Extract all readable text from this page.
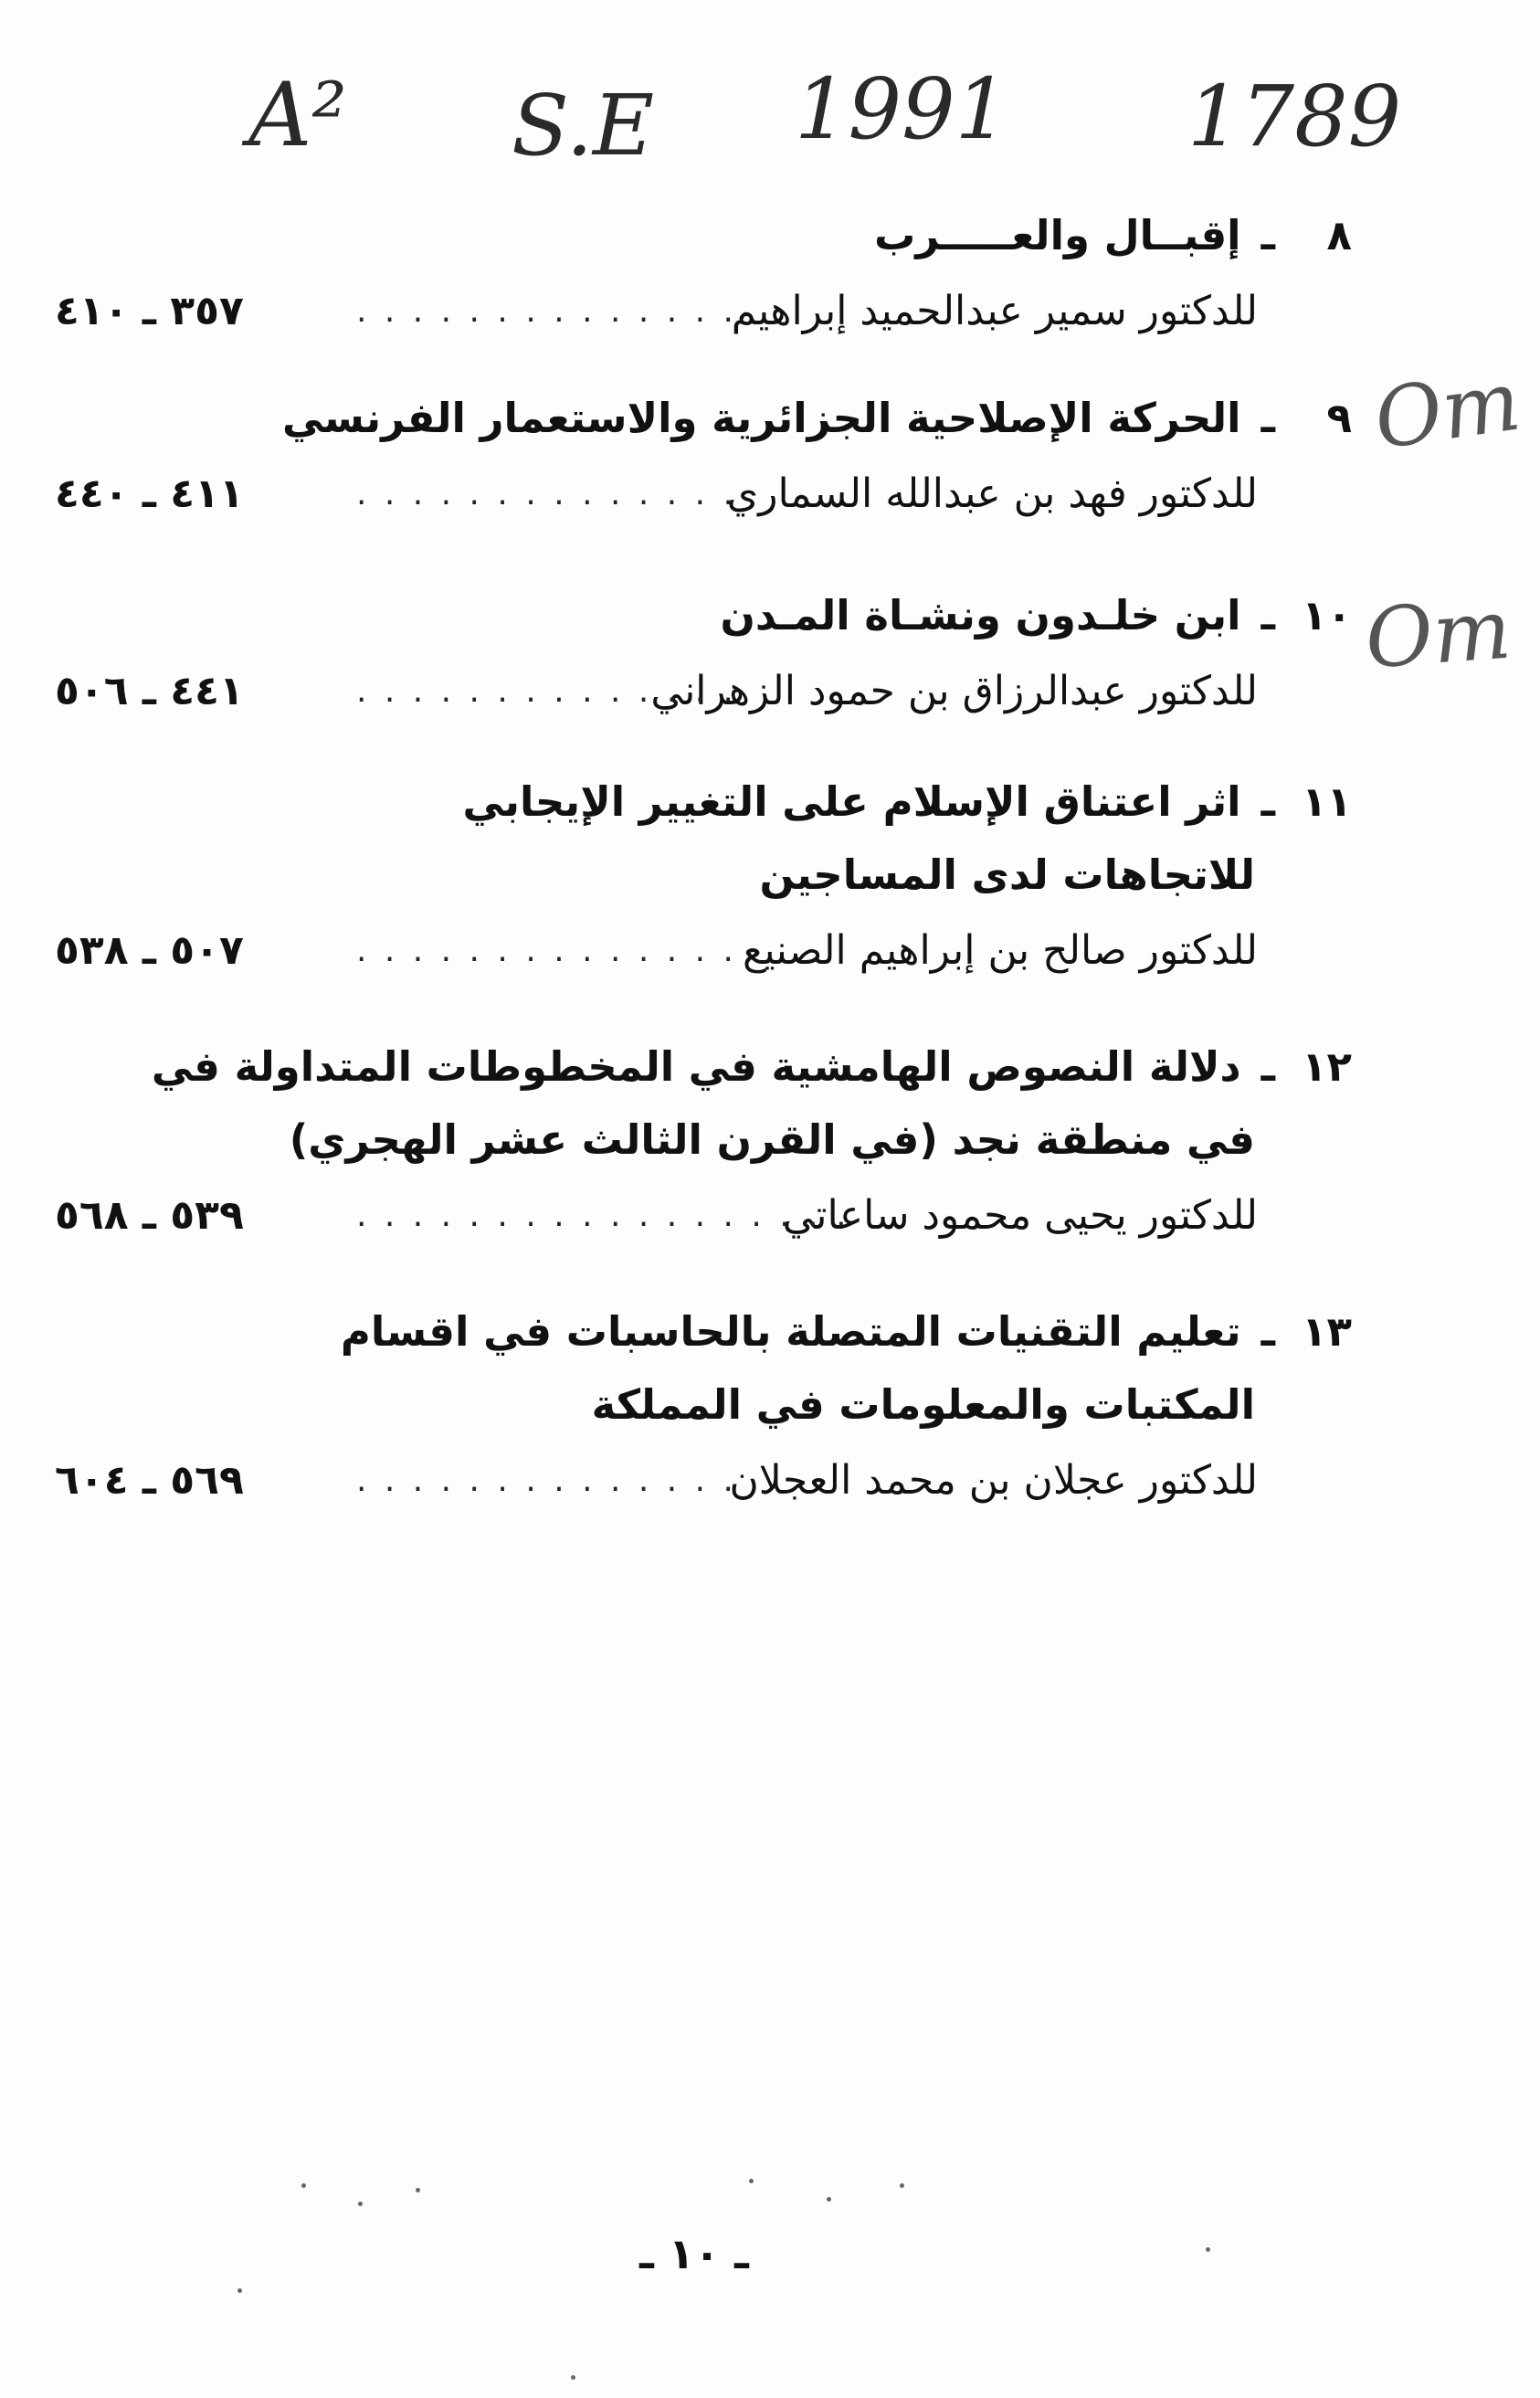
A² S.E 1991 1789
٨ـإقبــال والعـــــرب
للدكتور سمير عبدالحميد إبراهيم
. . . . . . . . . . . . . .
٣٥٧ ـ ٤١٠
٩ـالحركة الإصلاحية الجزائرية والاستعمار الفرنسي
للدكتور فهد بن عبدالله السماري
. . . . . . . . . . . . . .
٤١١ ـ ٤٤٠
١٠ـابن خلـدون ونشـاة المـدن
للدكتور عبدالرزاق بن حمود الزهراني
. . . . . . . . . . . . . .
٤٤١ ـ ٥٠٦
١١ـاثر اعتناق الإسلام على التغيير الإيجابي
للاتجاهات لدى المساجين
للدكتور صالح بن إبراهيم الصنيع
. . . . . . . . . . . . . .
٥٠٧ ـ ٥٣٨
١٢ـدلالة النصوص الهامشية في المخطوطات المتداولة في
في منطقة نجد (في القرن الثالث عشر الهجري)
للدكتور يحيى محمود ساعاتي
. . . . . . . . . . . . . . . . . .
٥٣٩ ـ ٥٦٨
١٣ـتعليم التقنيات المتصلة بالحاسبات في اقسام
المكتبات والمعلومات في المملكة
للدكتور عجلان بن محمد العجلان
. . . . . . . . . . . . . .
٥٦٩ ـ ٦٠٤
Om
Om
ـ ١٠ ـ
